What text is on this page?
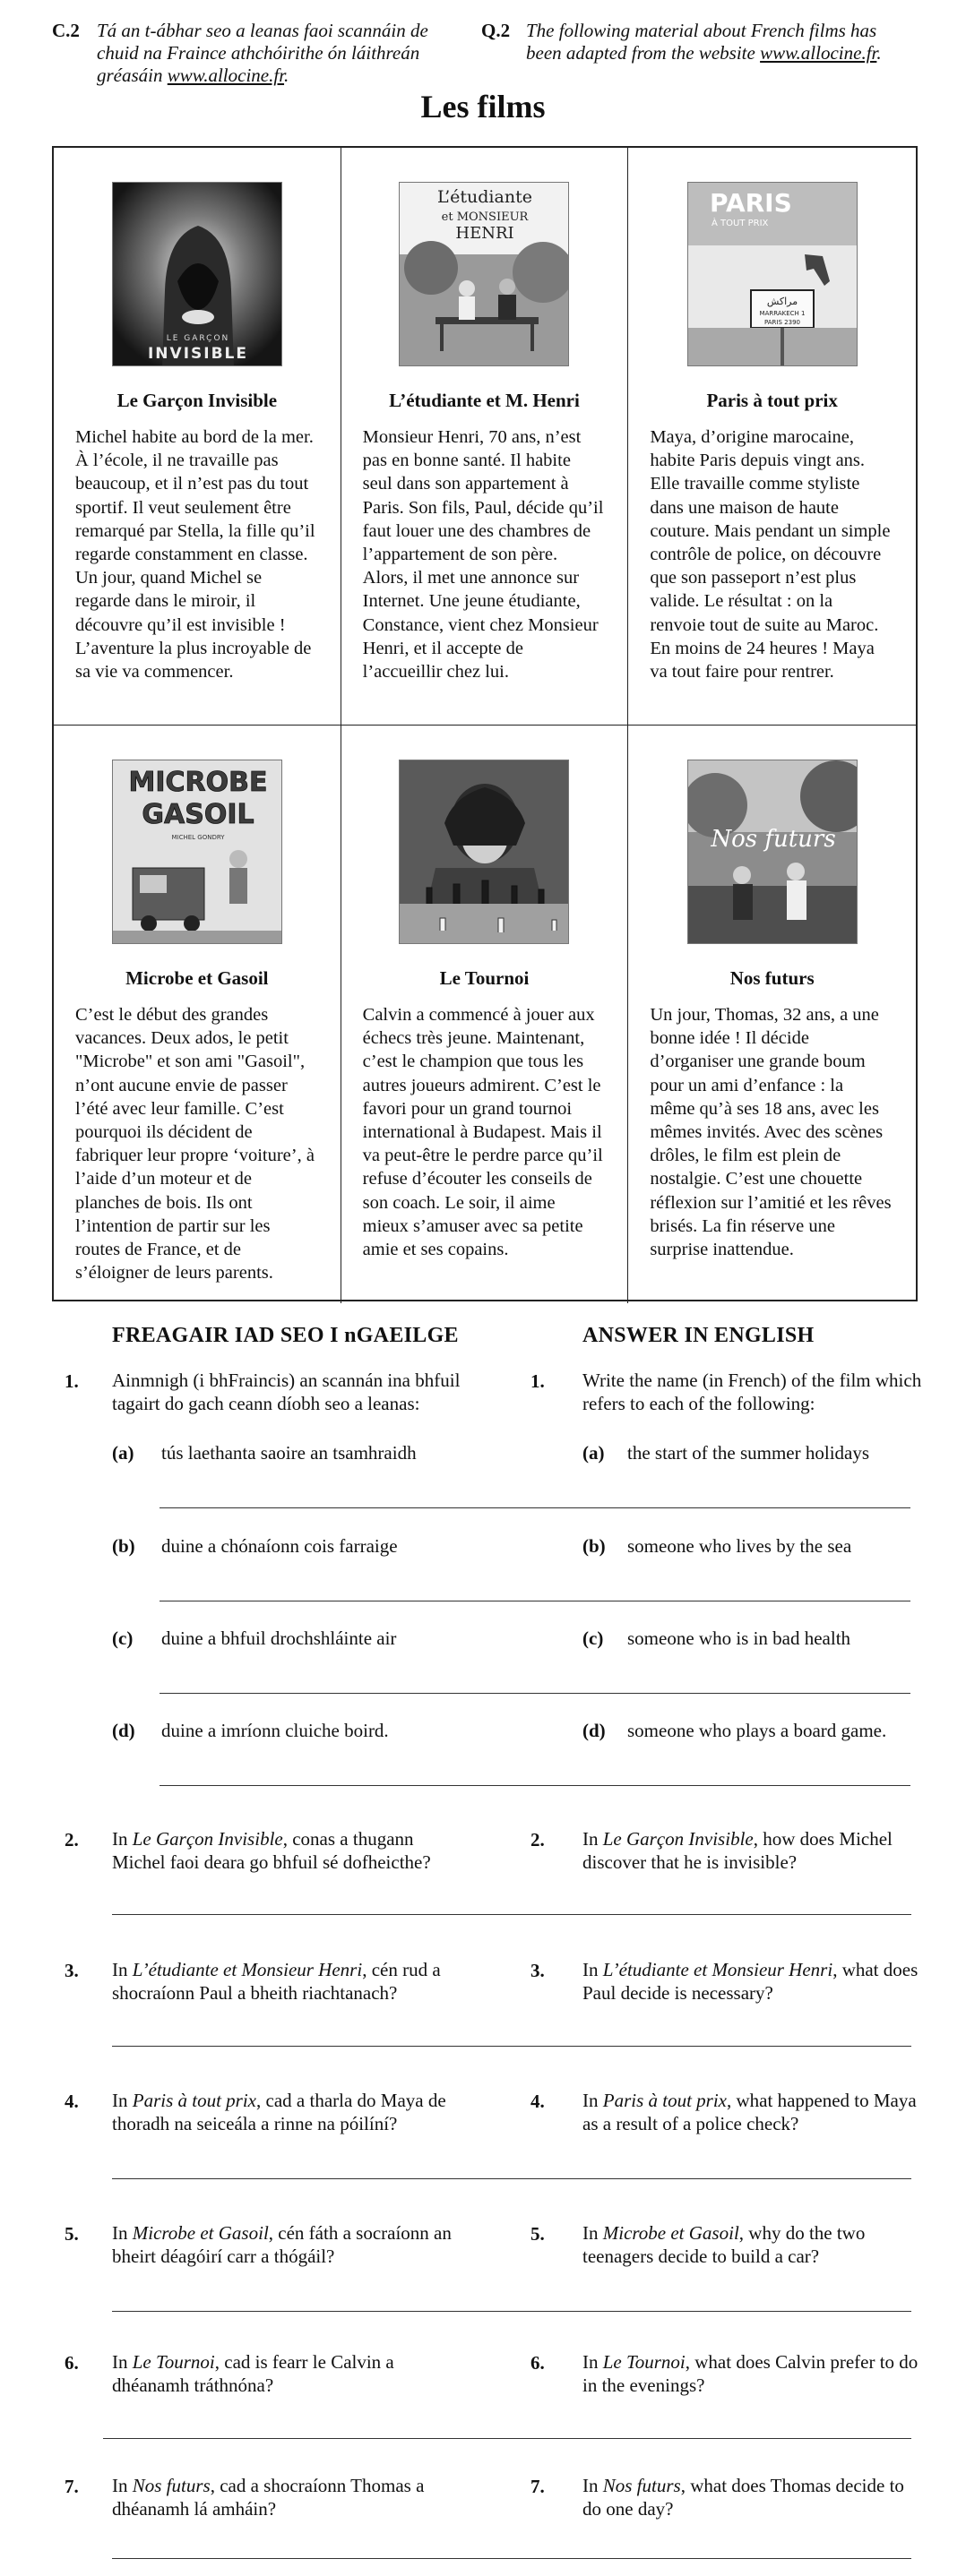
C.2 Tá an t-ábhar seo a leanas faoi scannáin de chuid na Fraince athchóirithe ón láithreán gréasáin www.allocine.fr.
Q.2 The following material about French films has been adapted from the website www.allocine.fr.
Les films
LE GARÇON
INVISIBLE
Le Garçon Invisible
Michel habite au bord de la mer. À l’école, il ne travaille pas beaucoup, et il n’est pas du tout sportif. Il veut seulement être remarqué par Stella, la fille qu’il regarde constamment en classe. Un jour, quand Michel se regarde dans le miroir, il découvre qu’il est invisible ! L’aventure la plus incroyable de sa vie va commencer.
L’étudiante
et MONSIEUR
HENRI
L’étudiante et M. Henri
Monsieur Henri, 70 ans, n’est pas en bonne santé. Il habite seul dans son appartement à Paris. Son fils, Paul, décide qu’il faut louer une des chambres de l’appartement de son père. Alors, il met une annonce sur Internet. Une jeune étudiante, Constance, vient chez Monsieur Henri, et il accepte de l’accueillir chez lui.
PARIS
À TOUT PRIX
مراكش
MARRAKECH 1
PARIS 2390
Paris à tout prix
Maya, d’origine marocaine, habite Paris depuis vingt ans. Elle travaille comme styliste dans une maison de haute couture. Mais pendant un simple contrôle de police, on découvre que son passeport n’est plus valide. Le résultat : on la renvoie tout de suite au Maroc. En moins de 24 heures ! Maya va tout faire pour rentrer.
MICROBE
GASOIL
MICHEL GONDRY
Microbe et Gasoil
C’est le début des grandes vacances. Deux ados, le petit "Microbe" et son ami "Gasoil", n’ont aucune envie de passer l’été avec leur famille. C’est pourquoi ils décident de fabriquer leur propre ‘voiture’, à l’aide d’un moteur et de planches de bois. Ils ont l’intention de partir sur les routes de France, et de s’éloigner de leurs parents.
Le Tournoi
Calvin a commencé à jouer aux échecs très jeune. Maintenant, c’est le champion que tous les autres joueurs admirent. C’est le favori pour un grand tournoi international à Budapest. Mais il va peut-être le perdre parce qu’il refuse d’écouter les conseils de son coach. Le soir, il aime mieux s’amuser avec sa petite amie et ses copains.
Nos futurs
Nos futurs
Un jour, Thomas, 32 ans, a une bonne idée ! Il décide d’organiser une grande boum pour un ami d’enfance : la même qu’à ses 18 ans, avec les mêmes invités. Avec des scènes drôles, le film est plein de nostalgie. C’est une chouette réflexion sur l’amitié et les rêves brisés. La fin réserve une surprise inattendue.
FREAGAIR IAD SEO I nGAEILGE	ANSWER IN ENGLISH
1. Ainmnigh (i bhFraincis) an scannán ina bhfuil tagairt do gach ceann díobh seo a leanas:
1. Write the name (in French) of the film which refers to each of the following:
(a) tús laethanta saoire an tsamhraidh	(a) the start of the summer holidays
(b) duine a chónaíonn cois farraige	(b) someone who lives by the sea
(c) duine a bhfuil drochshláinte air	(c) someone who is in bad health
(d) duine a imríonn cluiche boird.	(d) someone who plays a board game.
2. In Le Garçon Invisible, conas a thugann Michel faoi deara go bhfuil sé dofheicthe?
2. In Le Garçon Invisible, how does Michel discover that he is invisible?
3. In L’étudiante et Monsieur Henri, cén rud a shocraíonn Paul a bheith riachtanach?
3. In L’étudiante et Monsieur Henri, what does Paul decide is necessary?
4. In Paris à tout prix, cad a tharla do Maya de thoradh na seiceála a rinne na póilíní?
4. In Paris à tout prix, what happened to Maya as a result of a police check?
5. In Microbe et Gasoil, cén fáth a socraíonn an bheirt déagóirí carr a thógáil?
5. In Microbe et Gasoil, why do the two teenagers decide to build a car?
6. In Le Tournoi, cad is fearr le Calvin a dhéanamh tráthnóna?
6. In Le Tournoi, what does Calvin prefer to do in the evenings?
7. In Nos futurs, cad a shocraíonn Thomas a dhéanamh lá amháin?
7. In Nos futurs, what does Thomas decide to do one day?
